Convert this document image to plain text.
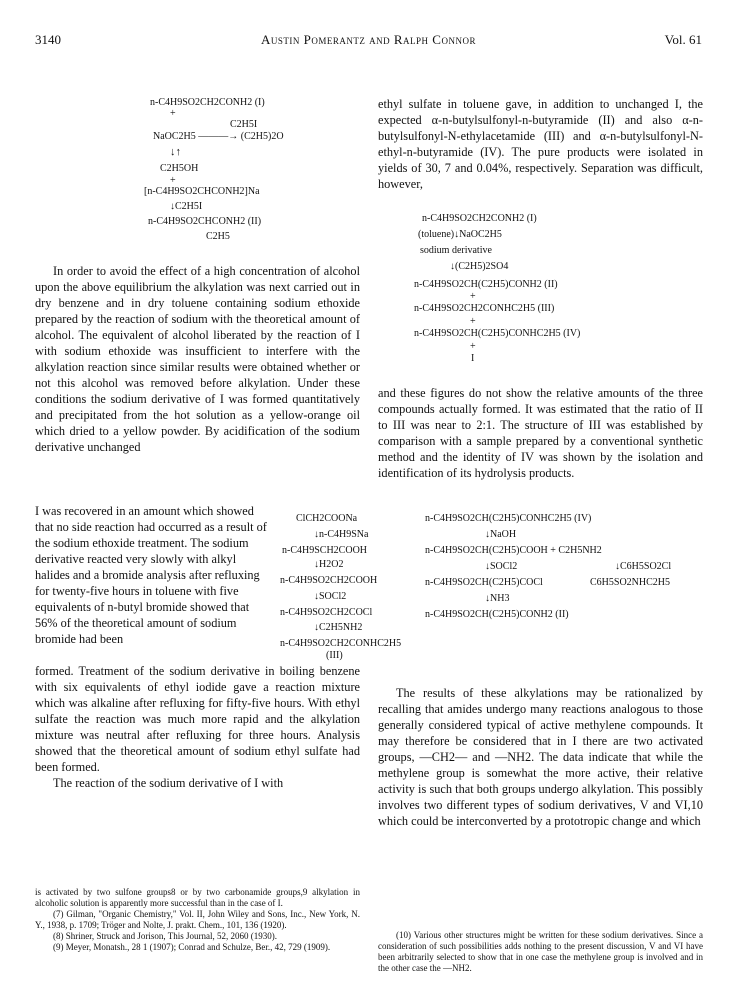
3140	Austin Pomerantz and Ralph Connor	Vol. 61
n-C4H9SO2CH2CONH2 (I)
+
C2H5I
NaOC2H5 ———→ (C2H5)2O
↓↑
C2H5OH
+
[n-C4H9SO2CHCONH2]Na
↓C2H5I
n-C4H9SO2CHCONH2 (II)
C2H5

In order to avoid the effect of a high concentration of alcohol upon the above equilibrium the alkylation was next carried out in dry benzene and in dry toluene containing sodium ethoxide prepared by the reaction of sodium with the theoretical amount of alcohol. The equivalent of alcohol liberated by the reaction of I with sodium ethoxide was insufficient to interfere with the alkylation reaction since similar results were obtained whether or not this alcohol was removed before alkylation. Under these conditions the sodium derivative of I was formed quantitatively and precipitated from the hot solution as a yellow-orange oil which dried to a yellow powder. By acidification of the sodium derivative unchanged

I was recovered in an amount which showed that no side reaction had occurred as a result of the sodium ethoxide treatment. The sodium derivative reacted very slowly with alkyl halides and a bromide analysis after refluxing for twenty-five hours in toluene with five equivalents of n-butyl bromide showed that 56% of the theoretical amount of sodium bromide had been

formed. Treatment of the sodium derivative in boiling benzene with six equivalents of ethyl iodide gave a reaction mixture which was alkaline after refluxing for fifty-five hours. With ethyl sulfate the reaction was much more rapid and the alkylation mixture was neutral after refluxing for three hours. Analysis showed that the theoretical amount of sodium ethyl sulfate had been formed.

The reaction of the sodium derivative of I with

ethyl sulfate in toluene gave, in addition to unchanged I, the expected α-n-butylsulfonyl-n-butyramide (II) and also α-n-butylsulfonyl-N-ethylacetamide (III) and α-n-butylsulfonyl-N-ethyl-n-butyramide (IV). The pure products were isolated in yields of 30, 7 and 0.04%, respectively. Separation was difficult, however,

n-C4H9SO2CH2CONH2 (I)
(toluene)↓NaOC2H5
sodium derivative
↓(C2H5)2SO4
n-C4H9SO2CH(C2H5)CONH2 (II)
+
n-C4H9SO2CH2CONHC2H5 (III)
+
n-C4H9SO2CH(C2H5)CONHC2H5 (IV)
+
I

and these figures do not show the relative amounts of the three compounds actually formed. It was estimated that the ratio of II to III was near to 2:1. The structure of III was established by comparison with a sample prepared by a conventional synthetic method and the identity of IV was shown by the isolation and identification of its hydrolysis products.

ClCH2COONa
↓n-C4H9SNa
n-C4H9SCH2COOH
↓H2O2
n-C4H9SO2CH2COOH
↓SOCl2
n-C4H9SO2CH2COCl
↓C2H5NH2
n-C4H9SO2CH2CONHC2H5
(III)
n-C4H9SO2CH(C2H5)CONHC2H5 (IV)
↓NaOH
n-C4H9SO2CH(C2H5)COOH + C2H5NH2
↓SOCl2	↓C6H5SO2Cl
n-C4H9SO2CH(C2H5)COCl	C6H5SO2NHC2H5
↓NH3
n-C4H9SO2CH(C2H5)CONH2 (II)

The results of these alkylations may be rationalized by recalling that amides undergo many reactions analogous to those generally considered typical of active methylene compounds. It may therefore be considered that in I there are two activated groups, —CH2— and —NH2. The data indicate that while the methylene group is somewhat the more active, their relative activity is such that both groups undergo alkylation. This possibly involves two different types of sodium derivatives, V and VI,10 which could be interconverted by a prototropic change and which

is activated by two sulfone groups8 or by two carbonamide groups,9 alkylation in alcoholic solution is apparently more successful than in the case of I.

(7) Gilman, "Organic Chemistry," Vol. II, John Wiley and Sons, Inc., New York, N. Y., 1938, p. 1709; Tröger and Nolte, J. prakt. Chem., 101, 136 (1920).

(8) Shriner, Struck and Jorison, This Journal, 52, 2060 (1930).

(9) Meyer, Monatsh., 28 1 (1907); Conrad and Schulze, Ber., 42, 729 (1909).

(10) Various other structures might be written for these sodium derivatives. Since a consideration of such possibilities adds nothing to the present discussion, V and VI have been arbitrarily selected to show that in one case the methylene group is involved and in the other case the —NH2.
